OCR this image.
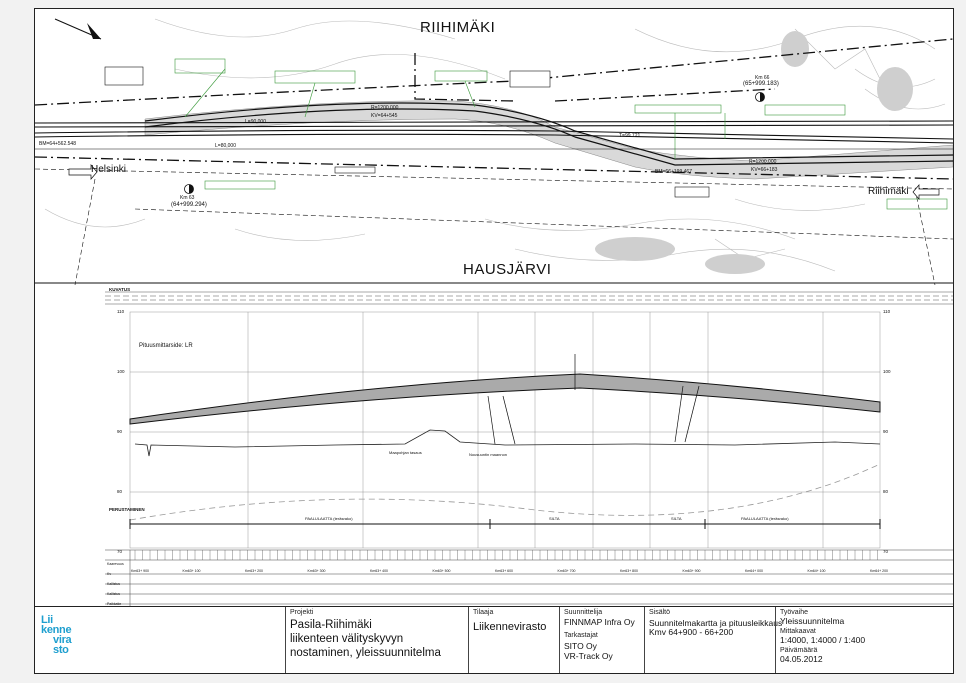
RIIHIMÄKI
HAUSJÄRVI
Helsinki
Riihimäki
Km 63
(64+999.294)
Km 66
(65+999.183)
R=1200,000
R=1200,000
L=90,000
L=80,000
KV=64+545
KV=66+183
T=99.721
BM=64+562.548
BM=66+199.467
KUVATUS
Pituusmittarside: LR
PERUSTAMINEN
PAALULAATTA (teräsrako)	SILTA	SILTA	PAALULAATTA (teräsrako)
Maapohjan tasaus	Nousuuntin maannon
110	110
100	100
90	90
80	80
70	70
Kaarevuus
Kv
Kallistus
Kallistus
Paikkatie
Km63+ 900	Km63+ 100	Km63+ 200	Km63+ 300	Km63+ 400	Km63+ 500	Km63+ 600	Km63+ 700	Km63+ 800	Km63+ 900	Km64+ 000	Km64+ 100	Km64+ 200
Lii
kenne
vira
sto
Projekti
Pasila-Riihimäki
liikenteen välityskyvyn
nostaminen, yleissuunnitelma
Tilaaja
Liikennevirasto
Suunnittelija
FINNMAP Infra Oy
Tarkastajat
SITO Oy
VR-Track Oy
Sisältö
Suunnitelmakartta ja pituusleikkaus
Kmv 64+900 - 66+200
Työvaihe
Yleissuunnitelma
Mittakaavat
1:4000, 1:4000 / 1:400
Päivämäärä
04.05.2012
